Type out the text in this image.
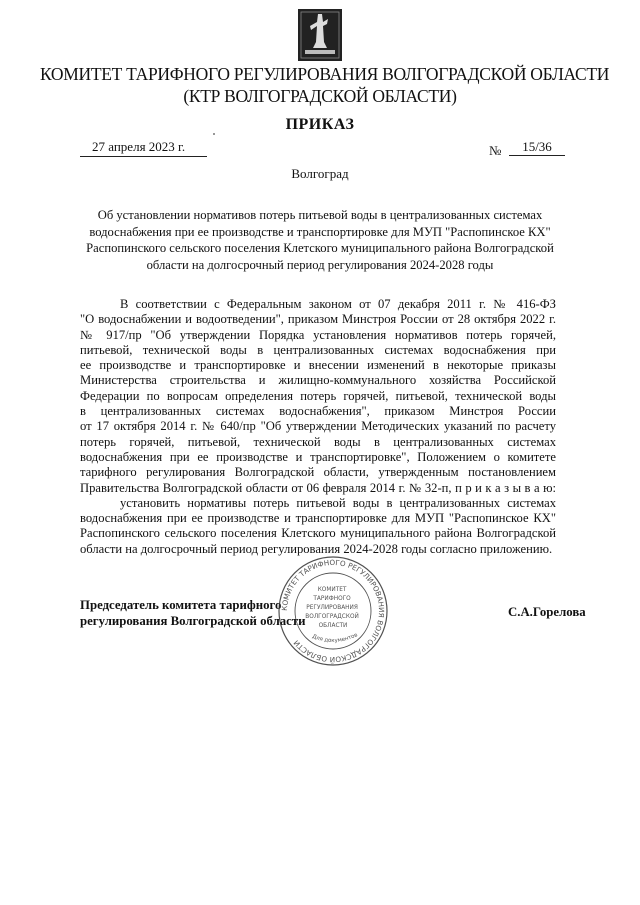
КОМИТЕТ ТАРИФНОГО РЕГУЛИРОВАНИЯ ВОЛГОГРАДСКОЙ ОБЛАСТИ
(КТР ВОЛГОГРАДСКОЙ ОБЛАСТИ)
ПРИКАЗ
27 апреля 2023 г.	№	15/36
Волгоград
Об установлении нормативов потерь питьевой воды в централизованных системах
водоснабжения при ее производстве и транспортировке для МУП "Распопинское КХ"
Распопинского сельского поселения Клетского муниципального района Волгоградской
области на долгосрочный период регулирования 2024-2028 годы
В соответствии с Федеральным законом от 07 декабря 2011 г. № 416-ФЗ
"О водоснабжении и водоотведении", приказом Минстроя России от 28 октября 2022 г.
№ 917/пр "Об утверждении Порядка установления нормативов потерь горячей,
питьевой, технической воды в централизованных системах водоснабжения при
ее производстве и транспортировке и внесении изменений в некоторые приказы
Министерства строительства и жилищно-коммунального хозяйства Российской
Федерации по вопросам определения потерь горячей, питьевой, технической воды
в централизованных системах водоснабжения", приказом Минстроя России
от 17 октября 2014 г. № 640/пр "Об утверждении Методических указаний по расчету
потерь горячей, питьевой, технической воды в централизованных системах
водоснабжения при ее производстве и транспортировке", Положением о комитете
тарифного регулирования Волгоградской области, утвержденным постановлением
Правительства Волгоградской области от 06 февраля 2014 г. № 32-п, п р и к а з ы в а ю:
установить нормативы потерь питьевой воды в централизованных системах
водоснабжения при ее производстве и транспортировке для МУП "Распопинское КХ"
Распопинского сельского поселения Клетского муниципального района Волгоградской
области на долгосрочный период регулирования 2024-2028 годы согласно приложению.
Председатель комитета тарифного
регулирования Волгоградской области
С.А.Горелова
КОМИТЕТ ТАРИФНОГО РЕГУЛИРОВАНИЯ ВОЛГОГРАДСКОЙ ОБЛАСТИ
КОМИТЕТ ТАРИФНОГО РЕГУЛИРОВАНИЯ ВОЛГОГРАДСКОЙ ОБЛАСТИ
Для документов
